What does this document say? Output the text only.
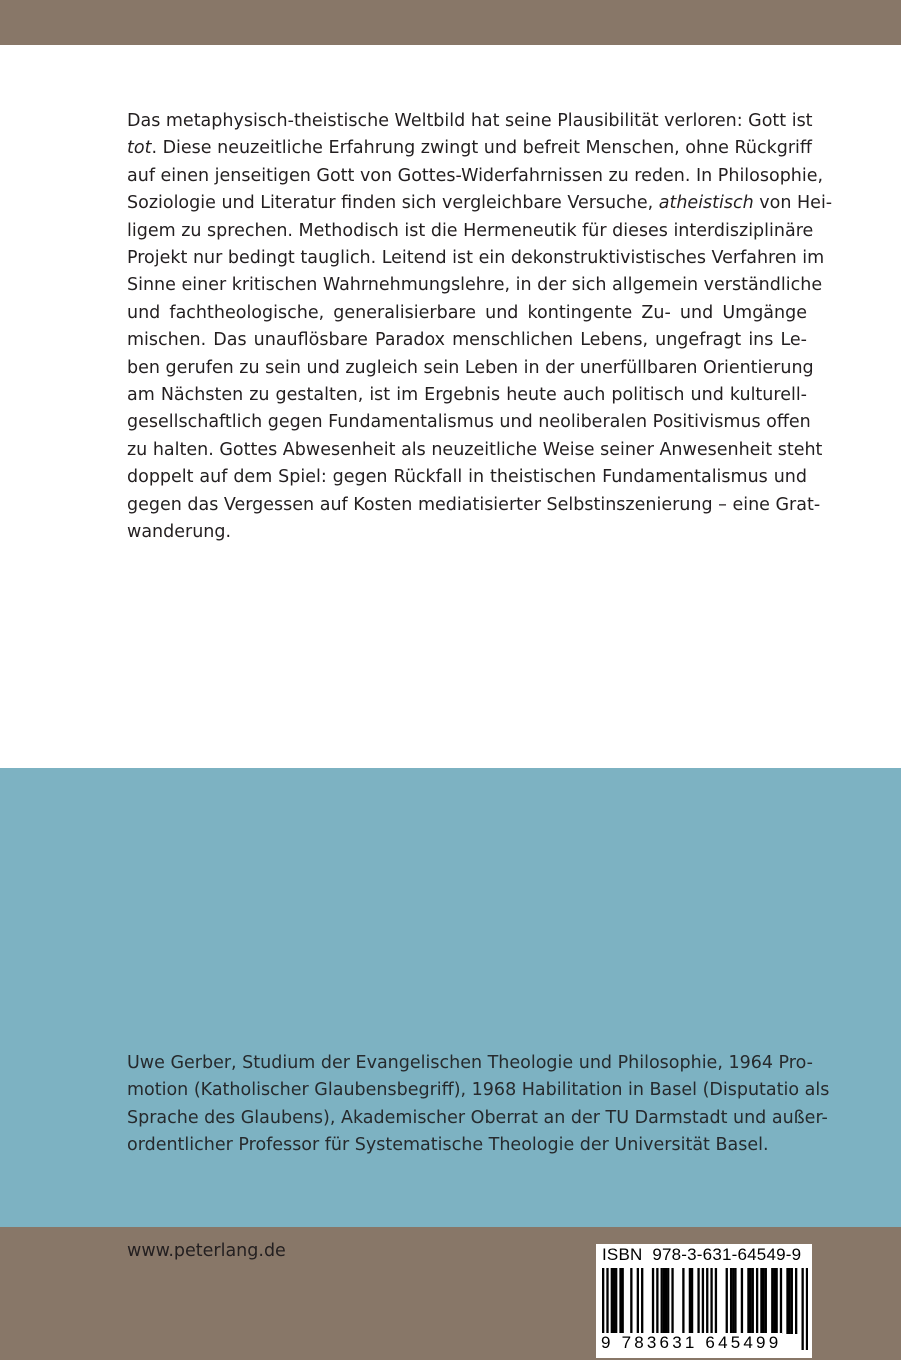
Das metaphysisch-theistische Weltbild hat seine Plausibilität verloren: Gott ist
tot. Diese neuzeitliche Erfahrung zwingt und befreit Menschen, ohne Rückgriff
auf einen jenseitigen Gott von Gottes-Widerfahrnissen zu reden. In Philosophie,
Soziologie und Literatur finden sich vergleichbare Versuche, atheistisch von Hei-
ligem zu sprechen. Methodisch ist die Hermeneutik für dieses interdisziplinäre
Projekt nur bedingt tauglich. Leitend ist ein dekonstruktivistisches Verfahren im
Sinne einer kritischen Wahrnehmungslehre, in der sich allgemein verständliche
und fachtheologische, generalisierbare und kontingente Zu- und Umgänge
mischen. Das unauflösbare Paradox menschlichen Lebens, ungefragt ins Le-
ben gerufen zu sein und zugleich sein Leben in der unerfüllbaren Orientierung
am Nächsten zu gestalten, ist im Ergebnis heute auch politisch und kulturell-
gesellschaftlich gegen Fundamentalismus und neoliberalen Positivismus offen
zu halten. Gottes Abwesenheit als neuzeitliche Weise seiner Anwesenheit steht
doppelt auf dem Spiel: gegen Rückfall in theistischen Fundamentalismus und
gegen das Vergessen auf Kosten mediatisierter Selbstinszenierung – eine Grat-
wanderung.
Uwe Gerber, Studium der Evangelischen Theologie und Philosophie, 1964 Pro-
motion (Katholischer Glaubensbegriff), 1968 Habilitation in Basel (Disputatio als
Sprache des Glaubens), Akademischer Oberrat an der TU Darmstadt und außer-
ordentlicher Professor für Systematische Theologie der Universität Basel.
www.peterlang.de	ISBN  978-3-631-64549-9
9 783631 645499
